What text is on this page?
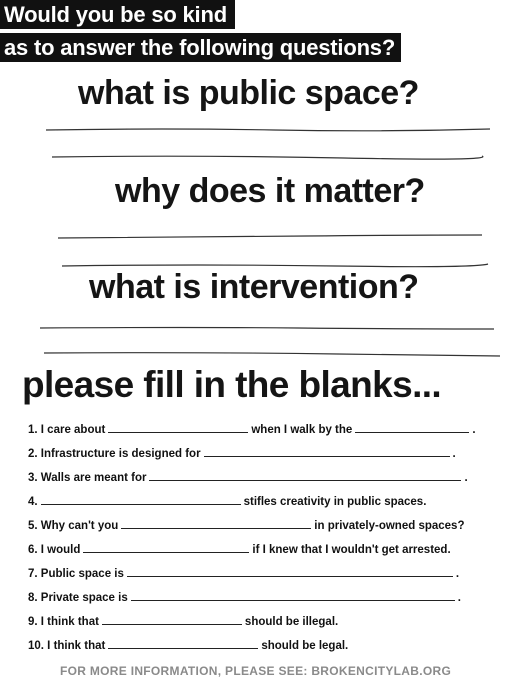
Would you be so kind
as to answer the following questions?
what is public space?
why does it matter?
what is intervention?
please fill in the blanks...
1. I care about	when I walk by the	.
2. Infrastructure is designed for	.
3. Walls are meant for	.
4.	stifles creativity in public spaces.
5. Why can't you	in privately-owned spaces?
6. I would	if I knew that I wouldn't get arrested.
7. Public space is	.
8. Private space is	.
9. I think that	should be illegal.
10. I think that	should be legal.
FOR MORE INFORMATION, PLEASE SEE: BROKENCITYLAB.ORG
